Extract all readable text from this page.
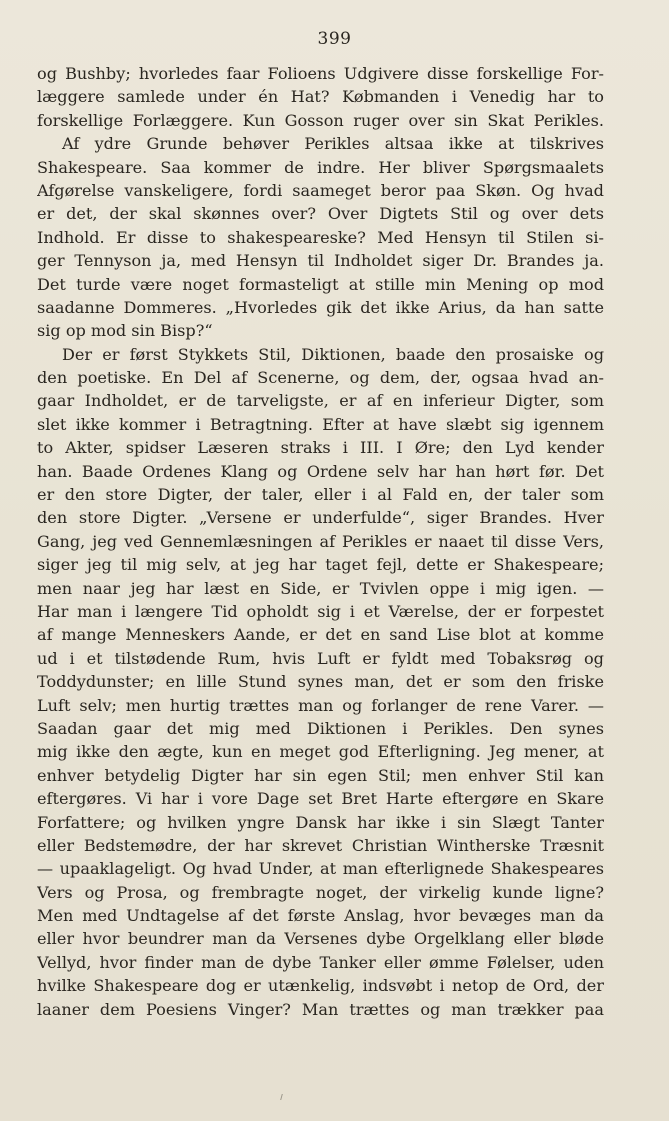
399
og Bushby; hvorledes faar Folioens Udgivere disse forskellige For-
læggere samlede under én Hat? Købmanden i Venedig har to
forskellige Forlæggere. Kun Gosson ruger over sin Skat Perikles.
Af ydre Grunde behøver Perikles altsaa ikke at tilskrives
Shakespeare. Saa kommer de indre. Her bliver Spørgsmaalets
Afgørelse vanskeligere, fordi saameget beror paa Skøn. Og hvad
er det, der skal skønnes over? Over Digtets Stil og over dets
Indhold. Er disse to shakespeareske? Med Hensyn til Stilen si-
ger Tennyson ja, med Hensyn til Indholdet siger Dr. Brandes ja.
Det turde være noget formasteligt at stille min Mening op mod
saadanne Dommeres. „Hvorledes gik det ikke Arius, da han satte
sig op mod sin Bisp?“
Der er først Stykkets Stil, Diktionen, baade den prosaiske og
den poetiske. En Del af Scenerne, og dem, der, ogsaa hvad an-
gaar Indholdet, er de tarveligste, er af en inferieur Digter, som
slet ikke kommer i Betragtning. Efter at have slæbt sig igennem
to Akter, spidser Læseren straks i III. I Øre; den Lyd kender
han. Baade Ordenes Klang og Ordene selv har han hørt før. Det
er den store Digter, der taler, eller i al Fald en, der taler som
den store Digter. „Versene er underfulde“, siger Brandes. Hver
Gang, jeg ved Gennemlæsningen af Perikles er naaet til disse Vers,
siger jeg til mig selv, at jeg har taget fejl, dette er Shakespeare;
men naar jeg har læst en Side, er Tvivlen oppe i mig igen. —
Har man i længere Tid opholdt sig i et Værelse, der er forpestet
af mange Menneskers Aande, er det en sand Lise blot at komme
ud i et tilstødende Rum, hvis Luft er fyldt med Tobaksrøg og
Toddydunster; en lille Stund synes man, det er som den friske
Luft selv; men hurtig trættes man og forlanger de rene Varer. —
Saadan gaar det mig med Diktionen i Perikles. Den synes
mig ikke den ægte, kun en meget god Efterligning. Jeg mener, at
enhver betydelig Digter har sin egen Stil; men enhver Stil kan
eftergøres. Vi har i vore Dage set Bret Harte eftergøre en Skare
Forfattere; og hvilken yngre Dansk har ikke i sin Slægt Tanter
eller Bedstemødre, der har skrevet Christian Wintherske Træsnit
— upaaklageligt. Og hvad Under, at man efterlignede Shakespeares
Vers og Prosa, og frembragte noget, der virkelig kunde ligne?
Men med Undtagelse af det første Anslag, hvor bevæges man da
eller hvor beundrer man da Versenes dybe Orgelklang eller bløde
Vellyd, hvor finder man de dybe Tanker eller ømme Følelser, uden
hvilke Shakespeare dog er utænkelig, indsvøbt i netop de Ord, der
laaner dem Poesiens Vinger? Man trættes og man trækker paa
